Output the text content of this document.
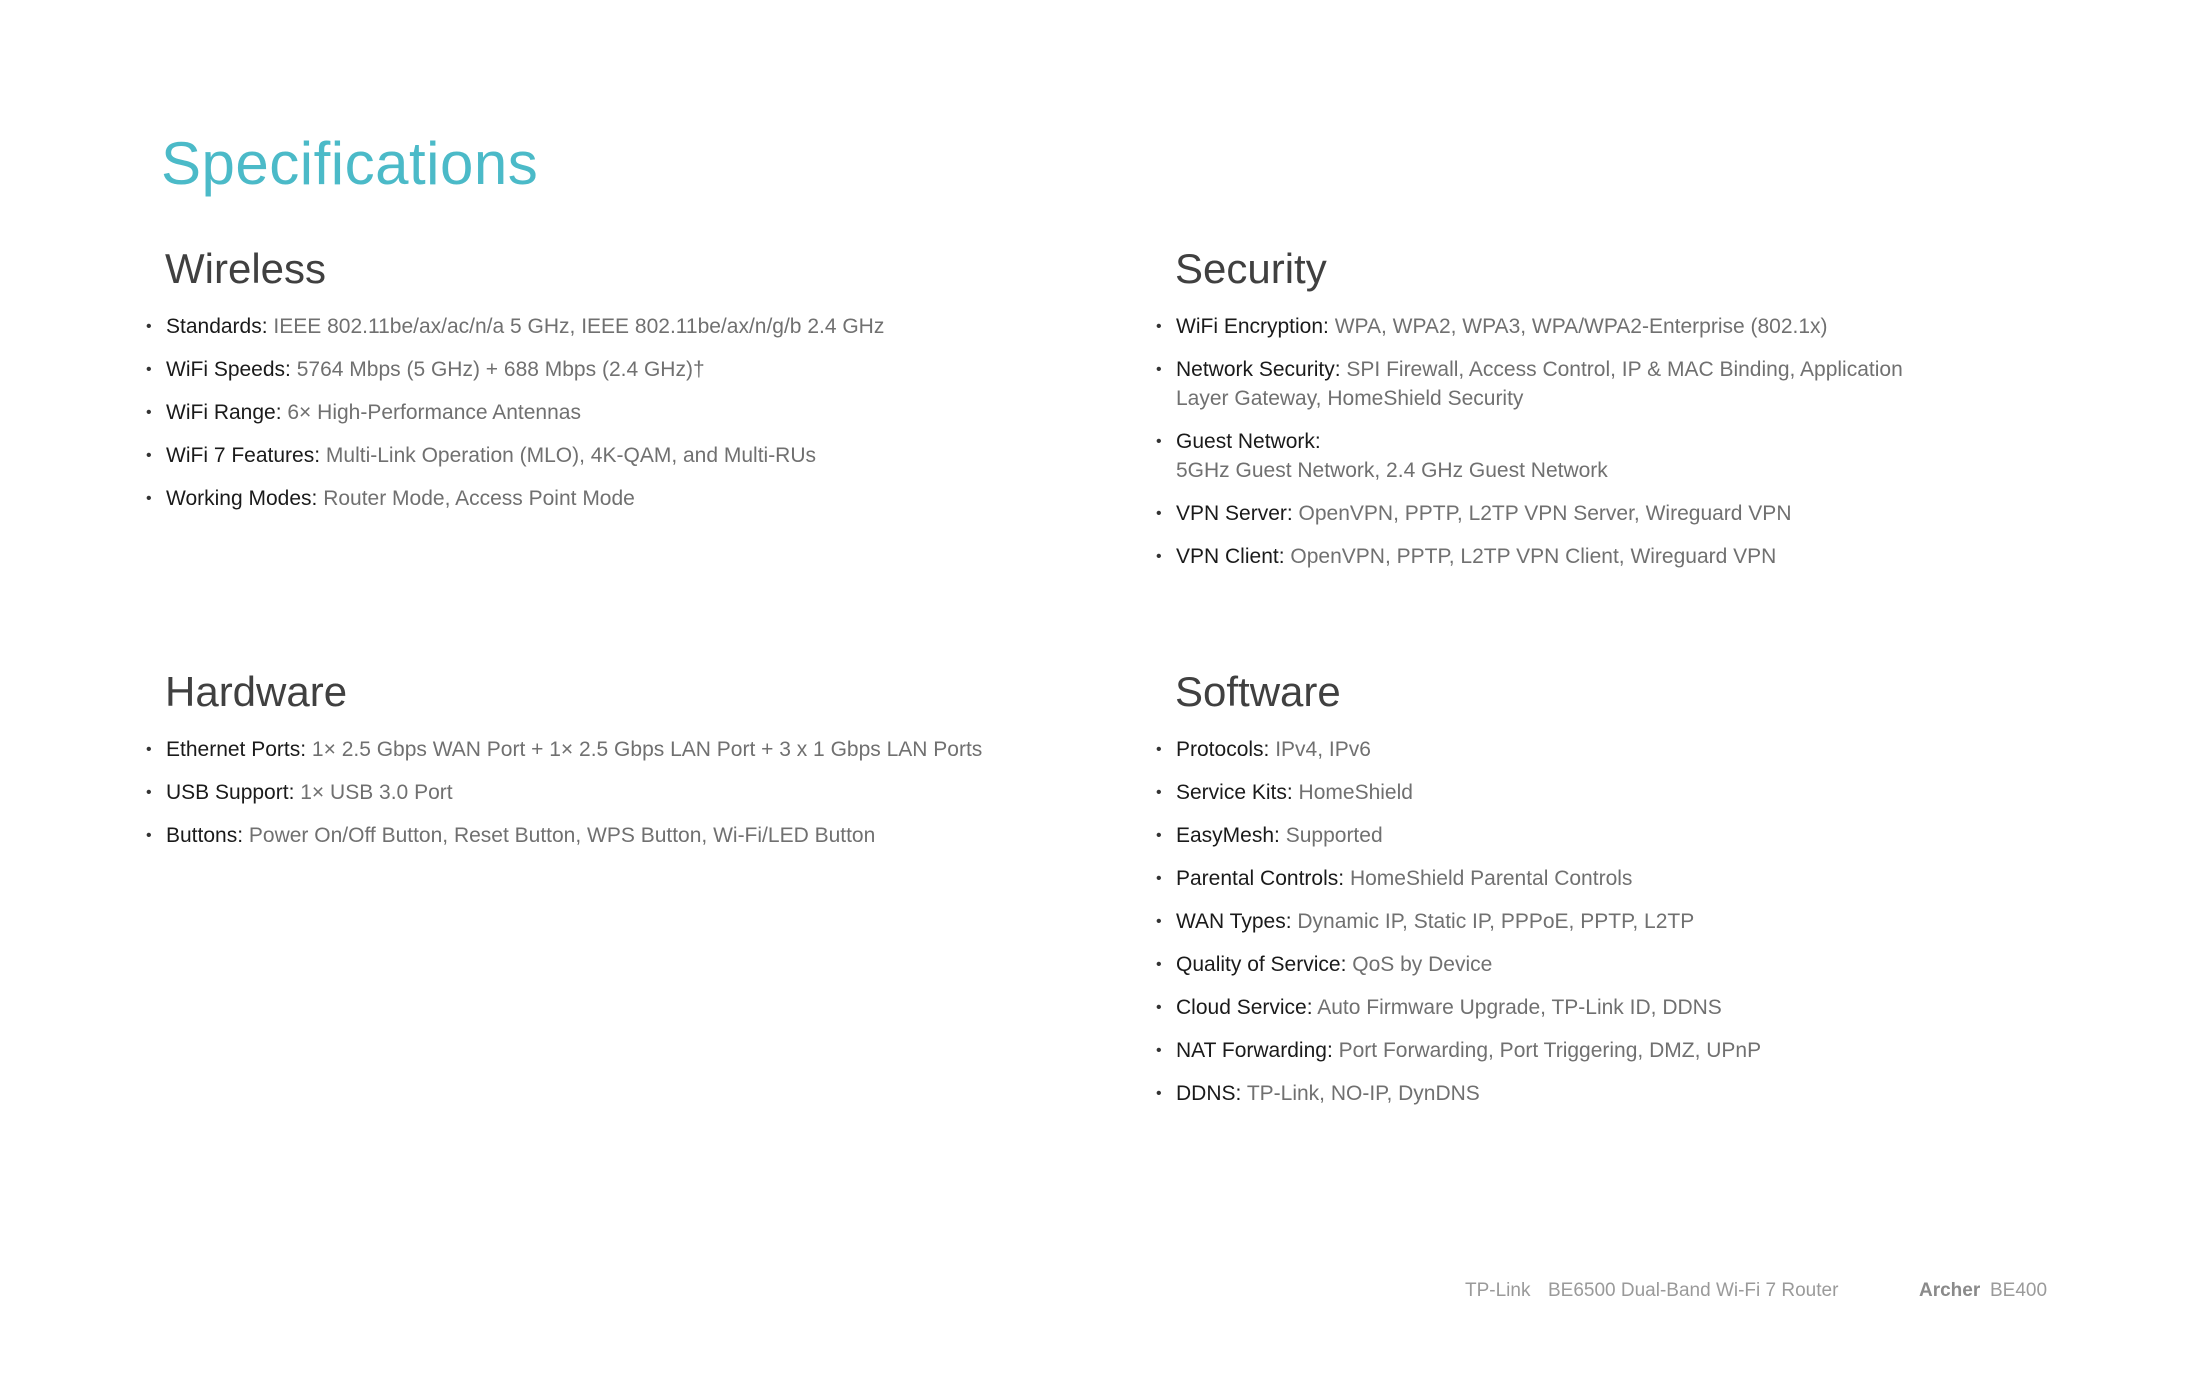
Specifications
Wireless
• Standards: IEEE 802.11be/ax/ac/n/a 5 GHz, IEEE 802.11be/ax/n/g/b 2.4 GHz
• WiFi Speeds: 5764 Mbps (5 GHz) + 688 Mbps (2.4 GHz)†
• WiFi Range: 6× High-Performance Antennas
• WiFi 7 Features: Multi-Link Operation (MLO), 4K-QAM, and Multi-RUs
• Working Modes: Router Mode, Access Point Mode
Security
• WiFi Encryption: WPA, WPA2, WPA3, WPA/WPA2-Enterprise (802.1x)
• Network Security: SPI Firewall, Access Control, IP & MAC Binding, Application Layer Gateway, HomeShield Security
• Guest Network:
5GHz Guest Network, 2.4 GHz Guest Network
• VPN Server: OpenVPN, PPTP, L2TP VPN Server, Wireguard VPN
• VPN Client: OpenVPN, PPTP, L2TP VPN Client, Wireguard VPN
Hardware
• Ethernet Ports: 1× 2.5 Gbps WAN Port + 1× 2.5 Gbps LAN Port + 3 x 1 Gbps LAN Ports
• USB Support: 1× USB 3.0 Port
• Buttons: Power On/Off Button, Reset Button, WPS Button, Wi-Fi/LED Button
Software
• Protocols: IPv4, IPv6
• Service Kits: HomeShield
• EasyMesh: Supported
• Parental Controls: HomeShield Parental Controls
• WAN Types: Dynamic IP, Static IP, PPPoE, PPTP, L2TP
• Quality of Service: QoS by Device
• Cloud Service: Auto Firmware Upgrade, TP-Link ID, DDNS
• NAT Forwarding: Port Forwarding, Port Triggering, DMZ, UPnP
• DDNS: TP-Link, NO-IP, DynDNS
TP-Link BE6500 Dual-Band Wi-Fi 7 Router	Archer BE400
